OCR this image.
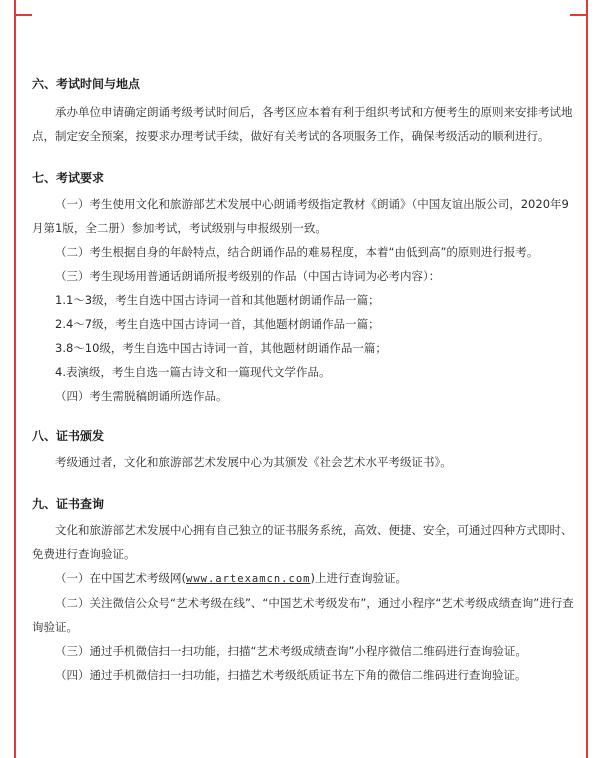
六、考试时间与地点

承办单位申请确定朗诵考级考试时间后，各考区应本着有利于组织考试和方便考生的原则来安排考试地点，制定安全预案，按要求办理考试手续，做好有关考试的各项服务工作，确保考级活动的顺利进行。

七、考试要求

（一）考生使用文化和旅游部艺术发展中心朗诵考级指定教材《朗诵》（中国友谊出版公司，2020年9月第1版，全二册）参加考试，考试级别与申报级别一致。

（二）考生根据自身的年龄特点，结合朗诵作品的难易程度，本着“由低到高”的原则进行报考。

（三）考生现场用普通话朗诵所报考级别的作品（中国古诗词为必考内容）：

1.1～3级，考生自选中国古诗词一首和其他题材朗诵作品一篇；

2.4～7级，考生自选中国古诗词一首，其他题材朗诵作品一篇；

3.8～10级，考生自选中国古诗词一首，其他题材朗诵作品一篇；

4.表演级，考生自选一篇古诗文和一篇现代文学作品。

（四）考生需脱稿朗诵所选作品。

八、证书颁发

考级通过者，文化和旅游部艺术发展中心为其颁发《社会艺术水平考级证书》。

九、证书查询

文化和旅游部艺术发展中心拥有自己独立的证书服务系统，高效、便捷、安全，可通过四种方式即时、免费进行查询验证。

（一）在中国艺术考级网(www.artexamcn.com)上进行查询验证。

（二）关注微信公众号“艺术考级在线”、“中国艺术考级发布”，通过小程序“艺术考级成绩查询”进行查询验证。

（三）通过手机微信扫一扫功能，扫描“艺术考级成绩查询”小程序微信二维码进行查询验证。

（四）通过手机微信扫一扫功能，扫描艺术考级纸质证书左下角的微信二维码进行查询验证。
